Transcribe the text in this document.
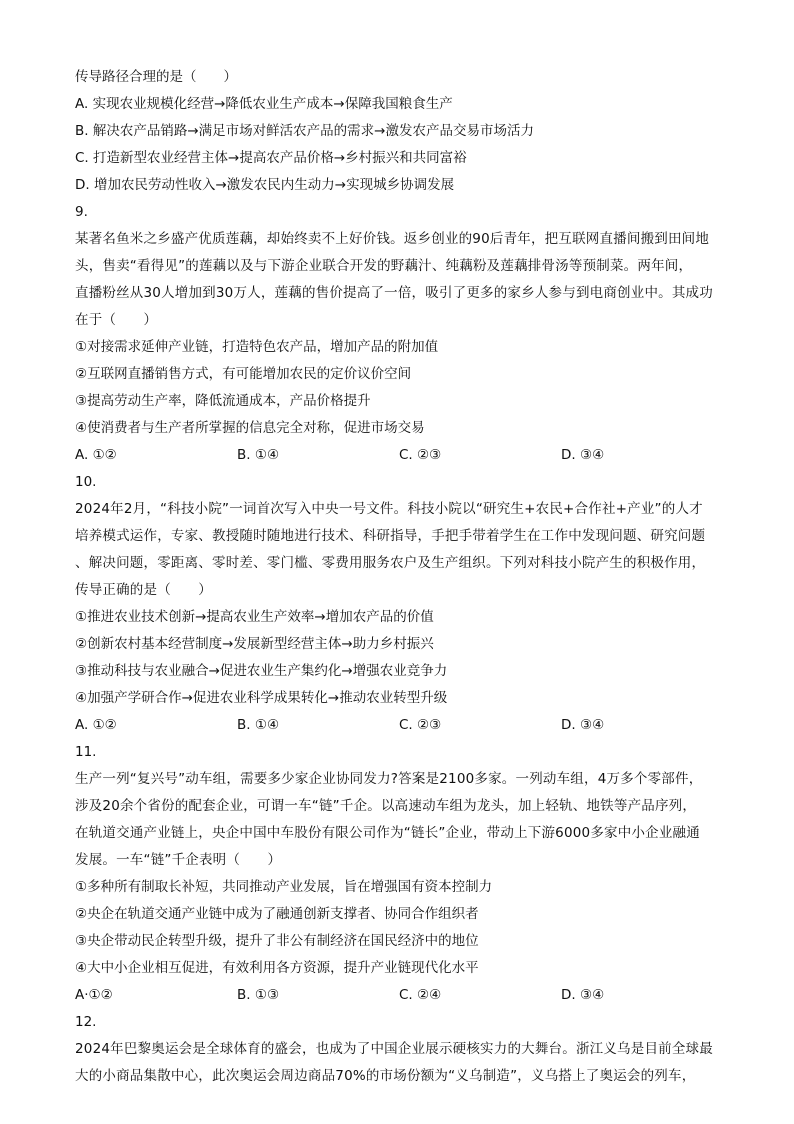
传导路径合理的是（　　）
A. 实现农业规模化经营→降低农业生产成本→保障我国粮食生产
B. 解决农产品销路→满足市场对鲜活农产品的需求→激发农产品交易市场活力
C. 打造新型农业经营主体→提高农产品价格→乡村振兴和共同富裕
D. 增加农民劳动性收入→激发农民内生动力→实现城乡协调发展
9.
某著名鱼米之乡盛产优质莲藕，却始终卖不上好价钱。返乡创业的90后青年，把互联网直播间搬到田间地
头，售卖“看得见”的莲藕以及与下游企业联合开发的野藕汁、纯藕粉及莲藕排骨汤等预制菜。两年间，
直播粉丝从30人增加到30万人，莲藕的售价提高了一倍，吸引了更多的家乡人参与到电商创业中。其成功
在于（　　）
①对接需求延伸产业链，打造特色农产品，增加产品的附加值
②互联网直播销售方式，有可能增加农民的定价议价空间
③提高劳动生产率，降低流通成本，产品价格提升
④使消费者与生产者所掌握的信息完全对称，促进市场交易
A. ①②	B. ①④	C. ②③	D. ③④
10.
2024年2月，“科技小院”一词首次写入中央一号文件。科技小院以“研究生+农民+合作社+产业”的人才
培养模式运作，专家、教授随时随地进行技术、科研指导，手把手带着学生在工作中发现问题、研究问题
、解决问题，零距离、零时差、零门槛、零费用服务农户及生产组织。下列对科技小院产生的积极作用，
传导正确的是（　　）
①推进农业技术创新→提高农业生产效率→增加农产品的价值
②创新农村基本经营制度→发展新型经营主体→助力乡村振兴
③推动科技与农业融合→促进农业生产集约化→增强农业竞争力
④加强产学研合作→促进农业科学成果转化→推动农业转型升级
A. ①②	B. ①④	C. ②③	D. ③④
11.
生产一列“复兴号”动车组，需要多少家企业协同发力?答案是2100多家。一列动车组，4万多个零部件，
涉及20余个省份的配套企业，可谓一车“链”千企。以高速动车组为龙头，加上轻轨、地铁等产品序列，
在轨道交通产业链上，央企中国中车股份有限公司作为“链长”企业，带动上下游6000多家中小企业融通
发展。一车“链”千企表明（　　）
①多种所有制取长补短，共同推动产业发展，旨在增强国有资本控制力
②央企在轨道交通产业链中成为了融通创新支撑者、协同合作组织者
③央企带动民企转型升级，提升了非公有制经济在国民经济中的地位
④大中小企业相互促进，有效利用各方资源，提升产业链现代化水平
A·①②	B. ①③	C. ②④	D. ③④
12.
2024年巴黎奥运会是全球体育的盛会，也成为了中国企业展示硬核实力的大舞台。浙江义乌是目前全球最
大的小商品集散中心，此次奥运会周边商品70%的市场份额为“义乌制造”，义乌搭上了奥运会的列车，
